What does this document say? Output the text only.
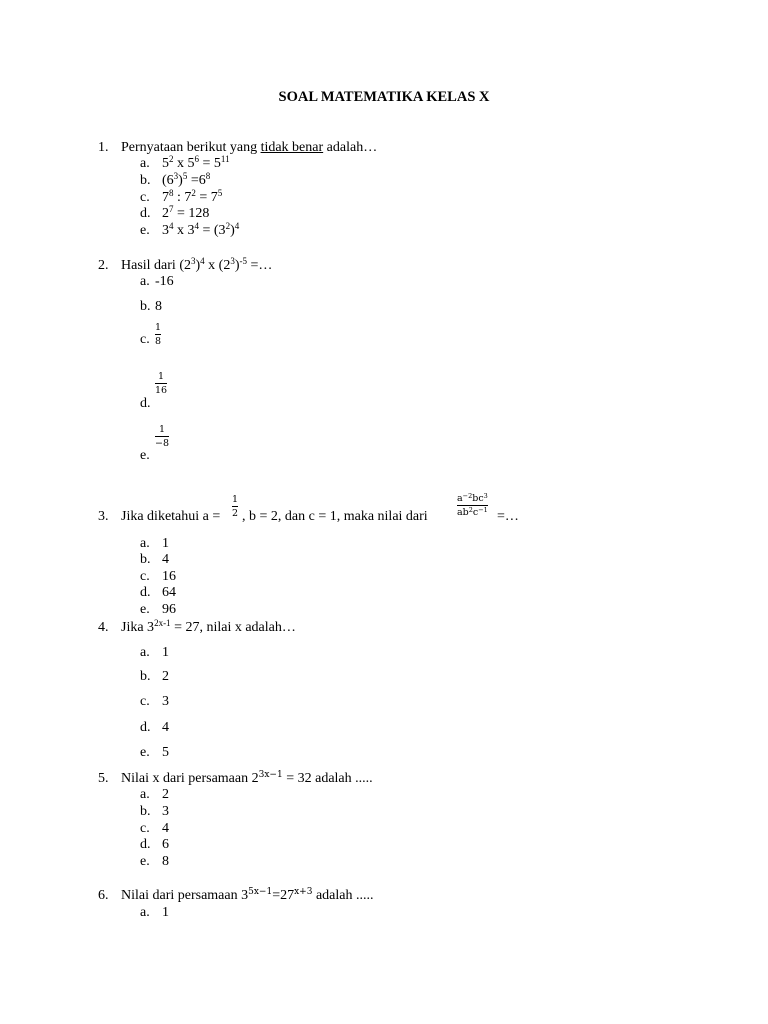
SOAL MATEMATIKA KELAS X
1. Pernyataan berikut yang tidak benar adalah…
a. $5^2$ x $5^6 = 5^{11}$
b. $(6^3)^5 =6^8$
c. $7^8$ : $7^2 = 7^5$
d. $2^7 = 128$
e. $3^4$ x $3^4 = (3^2)^4$
2. Hasil dari $(2^3)^4$ x $(2^3)^{-5}$ =…
a. -16
b. 8
c.
1
8
d.
1
16
e.
1
−8
3. Jika diketahui a =
1
2 , b = 2, dan c = 1, maka nilai dari
$a^{-2}bc^3$
$ab^2c^{-1}$ =…
a. 1
b. 4
c. 16
d. 64
e. 96
4. Jika $3^{2x-1} = 27$, nilai x adalah…
a. 1
b. 2
c. 3
d. 4
e. 5
5. Nilai x dari persamaan $2^{3x-1} = 32$ adalah .....
a. 2
b. 3
c. 4
d. 6
e. 8
6. Nilai dari persamaan $3^{5x-1}=27^{x+3}$ adalah .....
a. 1
